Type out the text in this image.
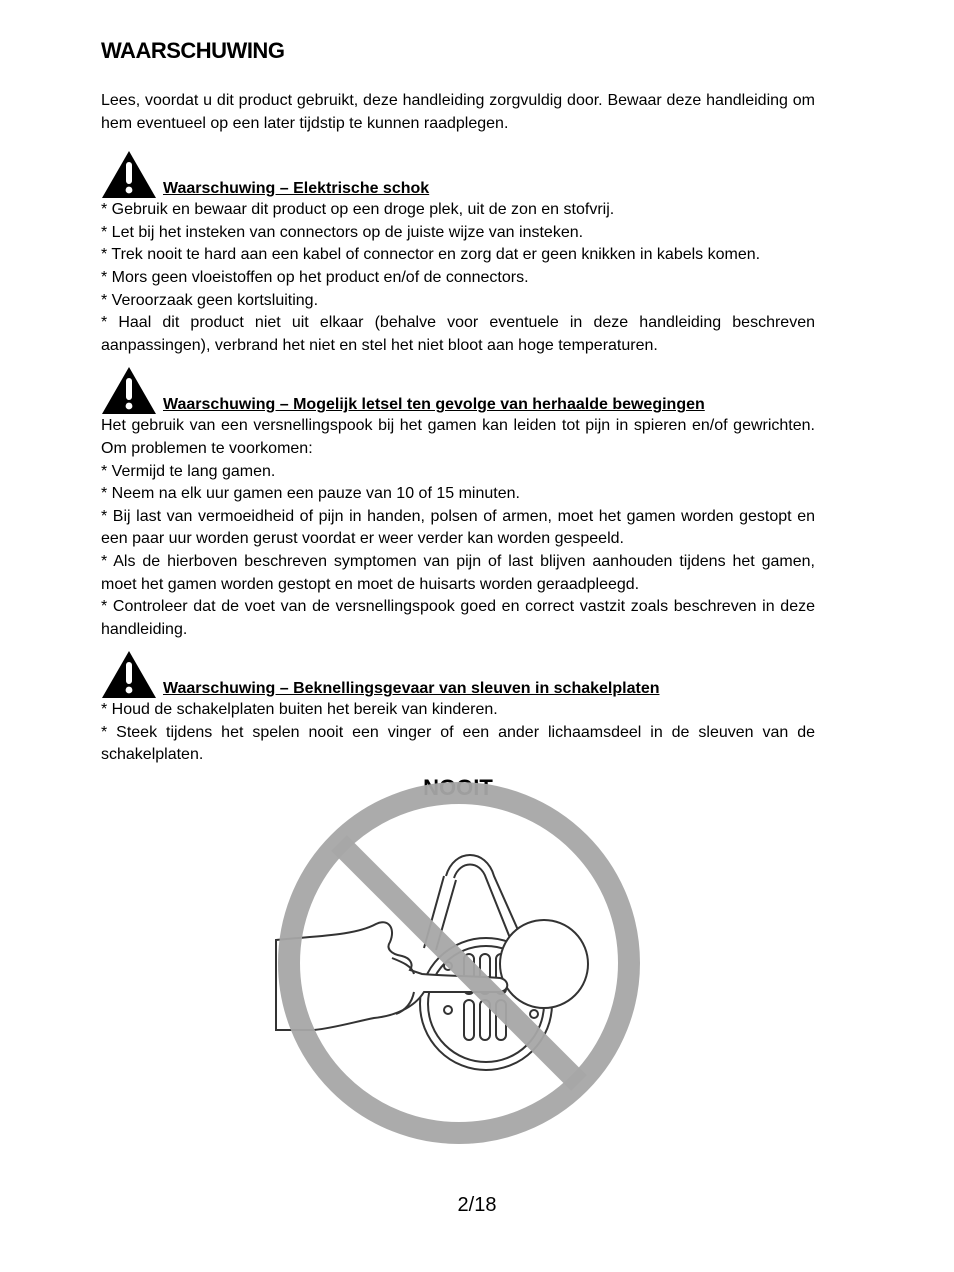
WAARSCHUWING

Lees, voordat u dit product gebruikt, deze handleiding zorgvuldig door. Bewaar deze handleiding om hem eventueel op een later tijdstip te kunnen raadplegen.

Waarschuwing – Elektrische schok

* Gebruik en bewaar dit product op een droge plek, uit de zon en stofvrij.

* Let bij het insteken van connectors op de juiste wijze van insteken.

* Trek nooit te hard aan een kabel of connector en zorg dat er geen knikken in kabels komen.

* Mors geen vloeistoffen op het product en/of de connectors.

* Veroorzaak geen kortsluiting.

* Haal dit product niet uit elkaar (behalve voor eventuele in deze handleiding beschreven aanpassingen), verbrand het niet en stel het niet bloot aan hoge temperaturen.

Waarschuwing – Mogelijk letsel ten gevolge van herhaalde bewegingen

Het gebruik van een versnellingspook bij het gamen kan leiden tot pijn in spieren en/of gewrichten. Om problemen te voorkomen:

* Vermijd te lang gamen.

* Neem na elk uur gamen een pauze van 10 of 15 minuten.

* Bij last van vermoeidheid of pijn in handen, polsen of armen, moet het gamen worden gestopt en een paar uur worden gerust voordat er weer verder kan worden gespeeld.

* Als de hierboven beschreven symptomen van pijn of last blijven aanhouden tijdens het gamen, moet het gamen worden gestopt en moet de huisarts worden geraadpleegd.

* Controleer dat de voet van de versnellingspook goed en correct vastzit zoals beschreven in deze handleiding.

Waarschuwing – Beknellingsgevaar van sleuven in schakelplaten

* Houd de schakelplaten buiten het bereik van kinderen.

* Steek tijdens het spelen nooit een vinger of een ander lichaamsdeel in de sleuven van de schakelplaten.

NOOIT
2/18
